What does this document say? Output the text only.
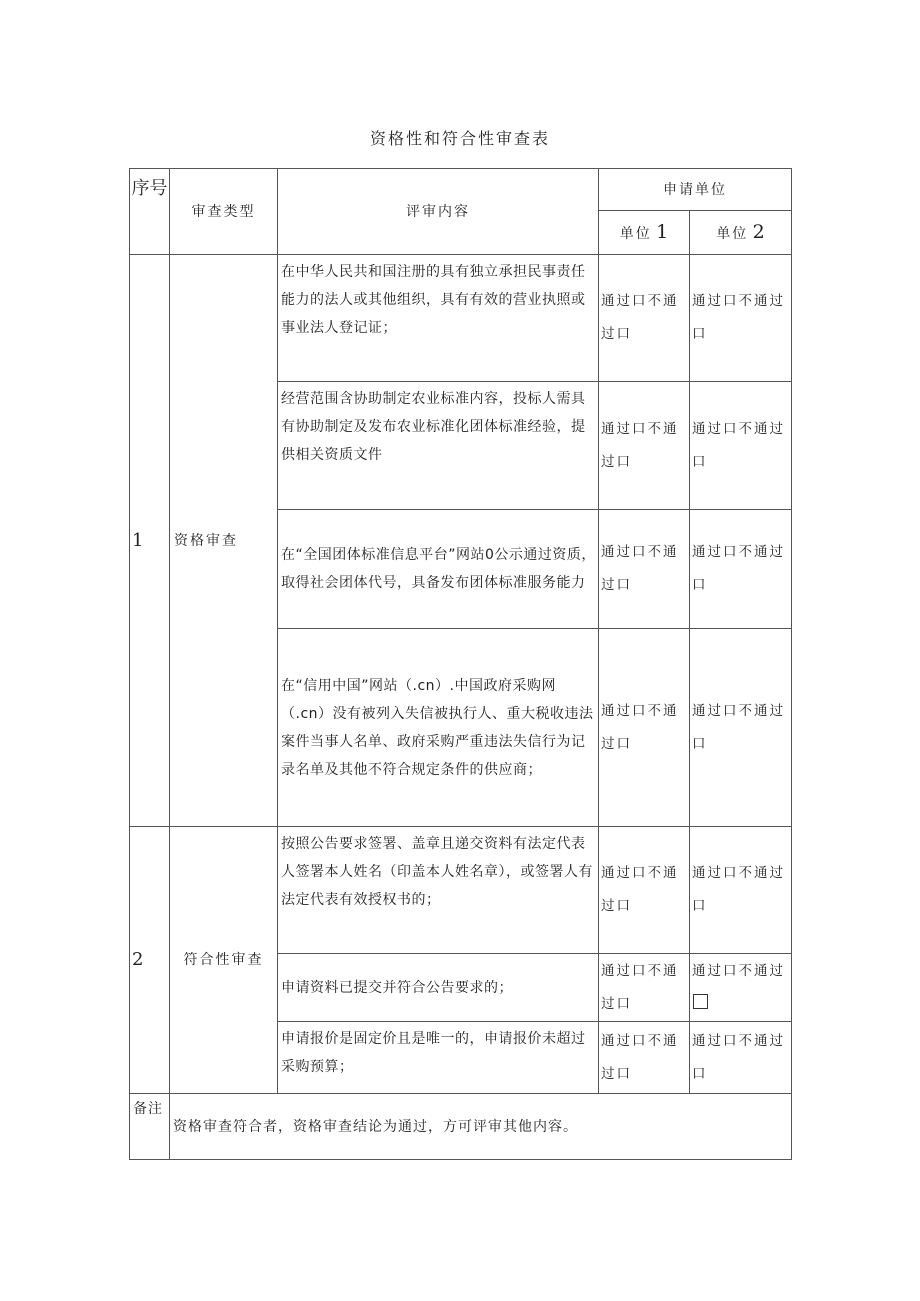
资格性和符合性审查表
序号	审查类型	评审内容	申请单位	
			单位 1	单位 2
1	资格审查	在中华人民共和国注册的具有独立承担民事责任能力的法人或其他组织，具有有效的营业执照或事业法人登记证；	通过口不通过口	通过口不通过口
		经营范围含协助制定农业标准内容，投标人需具有协助制定及发布农业标准化团体标准经验，提供相关资质文件	通过口不通过口	通过口不通过口
		在“全国团体标准信息平台”网站0公示通过资质，取得社会团体代号，具备发布团体标准服务能力	通过口不通过口	通过口不通过口
		在“信用中国”网站（.cn）.中国政府采购网（.cn）没有被列入失信被执行人、重大税收违法案件当事人名单、政府采购严重违法失信行为记录名单及其他不符合规定条件的供应商；	通过口不通过口	通过口不通过口
2	符合性审查	按照公告要求签署、盖章且递交资料有法定代表人签署本人姓名（印盖本人姓名章），或签署人有法定代表有效授权书的；	通过口不通过口	通过口不通过口
		申请资料已提交并符合公告要求的；	通过口不通过口	通过口不通过
		申请报价是固定价且是唯一的，申请报价未超过采购预算；	通过口不通过口	通过口不通过口
备注	资格审查符合者，资格审查结论为通过，方可评审其他内容。			
